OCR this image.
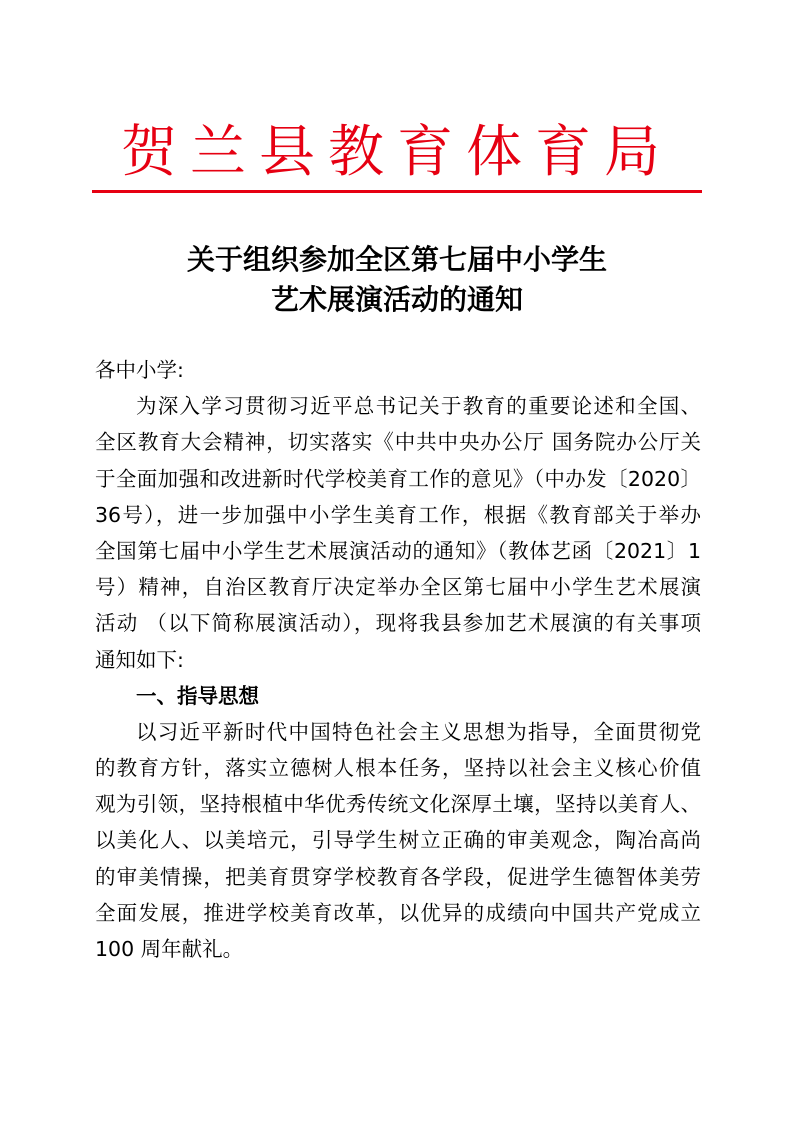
贺兰县教育体育局
关于组织参加全区第七届中小学生
艺术展演活动的通知
各中小学:
为深入学习贯彻习近平总书记关于教育的重要论述和全国、
全区教育大会精神，切实落实《中共中央办公厅 国务院办公厅关
于全面加强和改进新时代学校美育工作的意见》（中办发〔2020〕
36号），进一步加强中小学生美育工作，根据《教育部关于举办
全国第七届中小学生艺术展演活动的通知》（教体艺函〔2021〕1
号）精神，自治区教育厅决定举办全区第七届中小学生艺术展演
活动 （以下简称展演活动），现将我县参加艺术展演的有关事项
通知如下:
一、指导思想
以习近平新时代中国特色社会主义思想为指导，全面贯彻党
的教育方针，落实立德树人根本任务，坚持以社会主义核心价值
观为引领，坚持根植中华优秀传统文化深厚土壤，坚持以美育人、
以美化人、以美培元，引导学生树立正确的审美观念，陶冶高尚
的审美情操，把美育贯穿学校教育各学段，促进学生德智体美劳
全面发展，推进学校美育改革，以优异的成绩向中国共产党成立
100 周年献礼。
